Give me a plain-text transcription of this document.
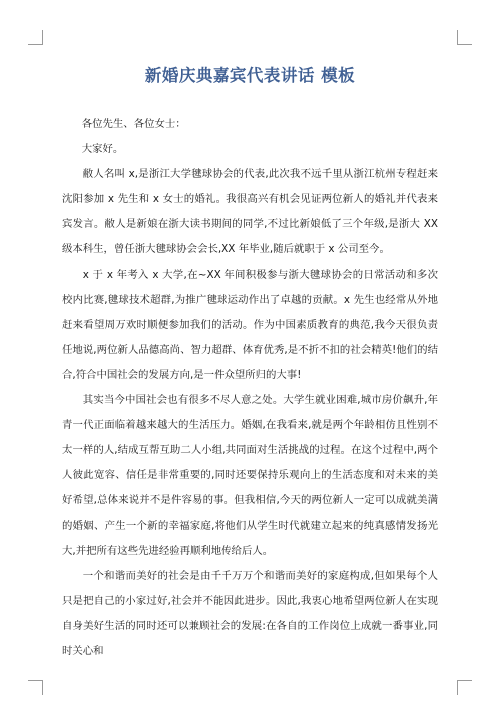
新婚庆典嘉宾代表讲话 模板

各位先生、各位女士：

大家好。

敝人名叫 x,是浙江大学毽球协会的代表,此次我不远千里从浙江杭州专程赶来沈阳参加 x 先生和 x 女士的婚礼。我很高兴有机会见证两位新人的婚礼并代表来宾发言。敝人是新娘在浙大读书期间的同学,不过比新娘低了三个年级,是浙大 XX 级本科生，曾任浙大毽球协会会长,XX 年毕业,随后就职于 x 公司至今。

x 于 x 年考入 x 大学,在~XX 年间积极参与浙大毽球协会的日常活动和多次校内比赛,毽球技术超群,为推广毽球运动作出了卓越的贡献。x 先生也经常从外地赶来看望周万欢时顺便参加我们的活动。作为中国素质教育的典范,我今天很负责任地说,两位新人品德高尚、智力超群、体育优秀,是不折不扣的社会精英!他们的结合,符合中国社会的发展方向,是一件众望所归的大事!

其实当今中国社会也有很多不尽人意之处。大学生就业困难,城市房价飙升,年青一代正面临着越来越大的生活压力。婚姻,在我看来,就是两个年龄相仿且性别不太一样的人,结成互帮互助二人小组,共同面对生活挑战的过程。在这个过程中,两个人彼此宽容、信任是非常重要的,同时还要保持乐观向上的生活态度和对未来的美好希望,总体来说并不是件容易的事。但我相信,今天的两位新人一定可以成就美满的婚姻、产生一个新的幸福家庭,将他们从学生时代就建立起来的纯真感情发扬光大,并把所有这些先进经验再顺利地传给后人。

一个和谐而美好的社会是由千千万万个和谐而美好的家庭构成,但如果每个人只是把自己的小家过好,社会并不能因此进步。因此,我衷心地希望两位新人在实现自身美好生活的同时还可以兼顾社会的发展:在各自的工作岗位上成就一番事业,同时关心和
